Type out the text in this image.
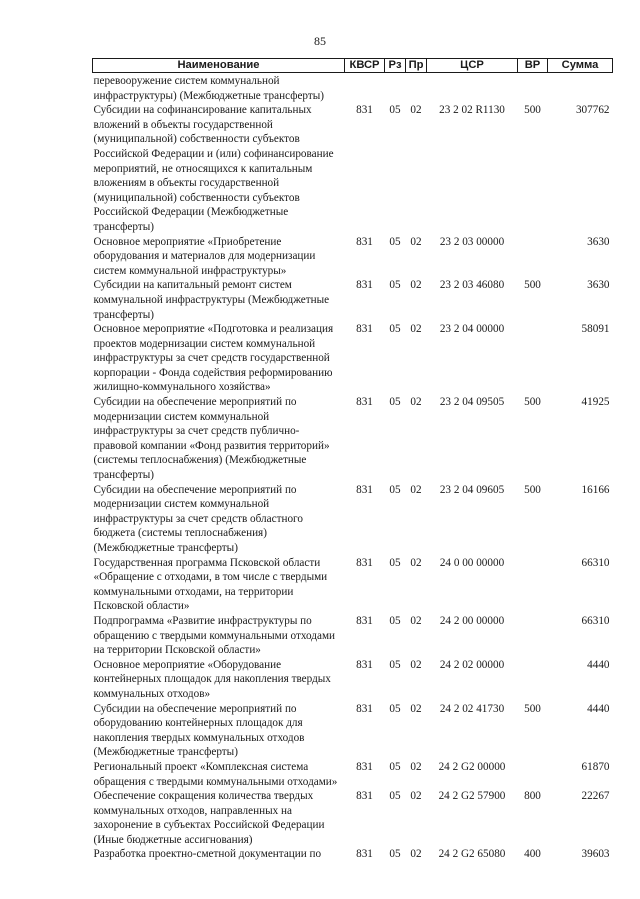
85
Наименование	КВСР	Рз	Пр	ЦСР	ВР	Сумма
перевооружение систем коммунальной инфраструктуры) (Межбюджетные трансферты)						
Субсидии на софинансирование капитальных вложений в объекты государственной (муниципальной) собственности субъектов Российской Федерации и (или) софинансирование мероприятий, не относящихся к капитальным вложениям в объекты государственной (муниципальной) собственности субъектов Российской Федерации (Межбюджетные трансферты)	831	05	02	23 2 02 R1130	500	307762
Основное мероприятие «Приобретение оборудования и материалов для модернизации систем коммунальной инфраструктуры»	831	05	02	23 2 03 00000		3630
Субсидии на капитальный ремонт систем коммунальной инфраструктуры (Межбюджетные трансферты)	831	05	02	23 2 03 46080	500	3630
Основное мероприятие «Подготовка и реализация проектов модернизации систем коммунальной инфраструктуры за счет средств государственной корпорации - Фонда содействия реформированию жилищно-коммунального хозяйства»	831	05	02	23 2 04 00000		58091
Субсидии на обеспечение мероприятий по модернизации систем коммунальной инфраструктуры за счет средств публично-правовой компании «Фонд развития территорий» (системы теплоснабжения) (Межбюджетные трансферты)	831	05	02	23 2 04 09505	500	41925
Субсидии на обеспечение мероприятий по модернизации систем коммунальной инфраструктуры за счет средств областного бюджета (системы теплоснабжения) (Межбюджетные трансферты)	831	05	02	23 2 04 09605	500	16166
Государственная программа Псковской области «Обращение с отходами, в том числе с твердыми коммунальными отходами, на территории Псковской области»	831	05	02	24 0 00 00000		66310
Подпрограмма «Развитие инфраструктуры по обращению с твердыми коммунальными отходами на территории Псковской области»	831	05	02	24 2 00 00000		66310
Основное мероприятие «Оборудование контейнерных площадок для накопления твердых коммунальных отходов»	831	05	02	24 2 02 00000		4440
Субсидии на обеспечение мероприятий по оборудованию контейнерных площадок для накопления твердых коммунальных отходов (Межбюджетные трансферты)	831	05	02	24 2 02 41730	500	4440
Региональный проект «Комплексная система обращения с твердыми коммунальными отходами»	831	05	02	24 2 G2 00000		61870
Обеспечение сокращения количества твердых коммунальных отходов, направленных на захоронение в субъектах Российской Федерации (Иные бюджетные ассигнования)	831	05	02	24 2 G2 57900	800	22267
Разработка проектно-сметной документации по	831	05	02	24 2 G2 65080	400	39603
